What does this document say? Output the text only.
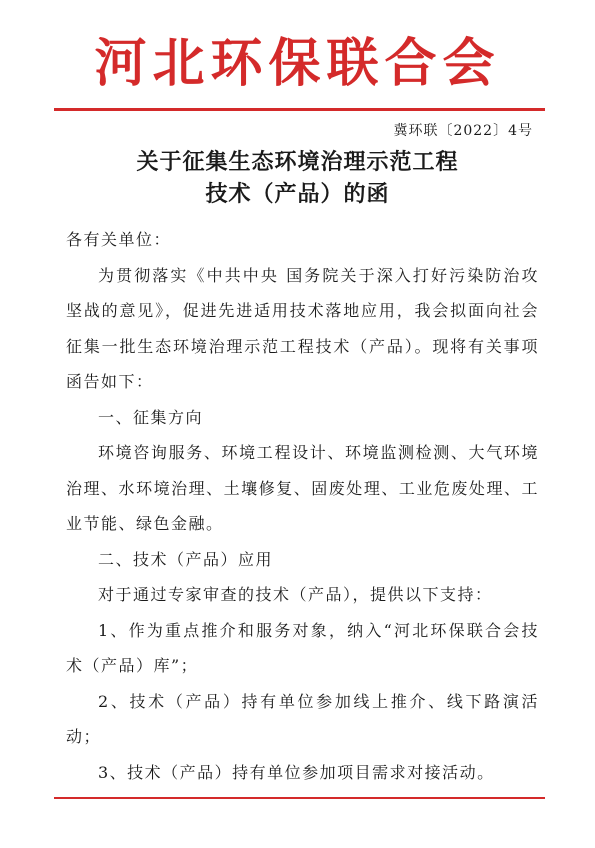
河北环保联合会
冀环联〔2022〕4号
关于征集生态环境治理示范工程
技术（产品）的函

各有关单位：

为贯彻落实《中共中央 国务院关于深入打好污染防治攻坚战的意见》，促进先进适用技术落地应用，我会拟面向社会征集一批生态环境治理示范工程技术（产品）。现将有关事项函告如下：

一、征集方向

环境咨询服务、环境工程设计、环境监测检测、大气环境治理、水环境治理、土壤修复、固废处理、工业危废处理、工业节能、绿色金融。

二、技术（产品）应用

对于通过专家审查的技术（产品），提供以下支持：

1、作为重点推介和服务对象，纳入“河北环保联合会技术（产品）库”；

2、技术（产品）持有单位参加线上推介、线下路演活动；

3、技术（产品）持有单位参加项目需求对接活动。
